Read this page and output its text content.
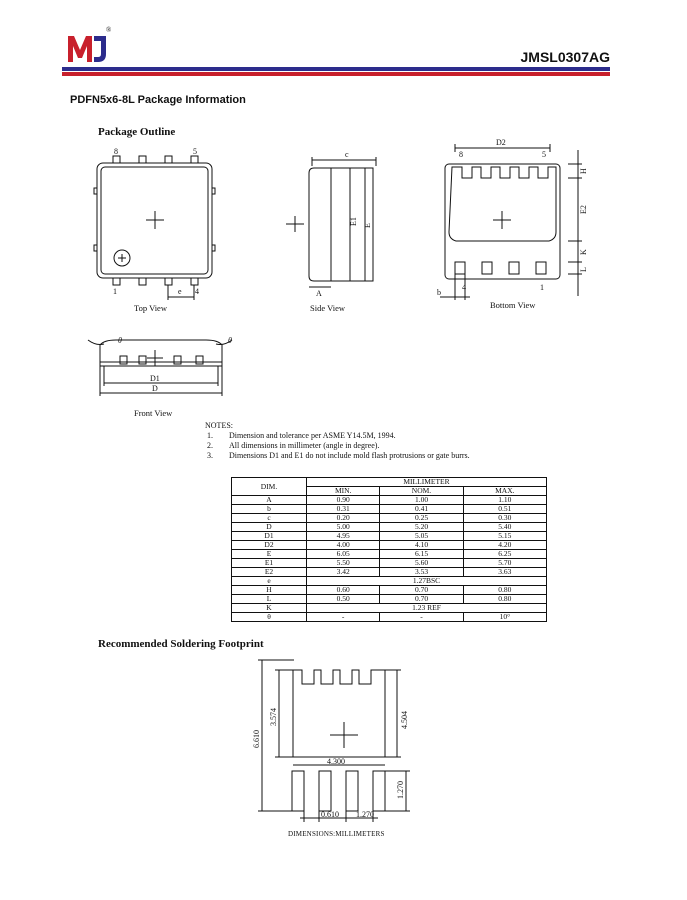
®
JMSL0307AG
PDFN5x6-8L Package Information
Package Outline
e
8	5
1	4
c
E1 E
A
D2
8	5
H
E2
K
L
b
4	1
D1
D
θ	θ
Top View	Side View	Bottom View
Front View
NOTES:
1.	Dimension and tolerance per ASME Y14.5M, 1994.
2.	All dimensions in millimeter (angle in degree).
3.	Dimensions D1 and E1 do not include mold flash protrusions or gate burrs.
DIM.	MILLIMETER		
	MIN.	NOM.	MAX.
A	0.90	1.00	1.10
b	0.31	0.41	0.51
c	0.20	0.25	0.30
D	5.00	5.20	5.40
D1	4.95	5.05	5.15
D2	4.00	4.10	4.20
E	6.05	6.15	6.25
E1	5.50	5.60	5.70
E2	3.42	3.53	3.63
e	1.27BSC		
H	0.60	0.70	0.80
L	0.50	0.70	0.80
K	1.23 REF		
θ	-	-	10°
Recommended Soldering Footprint
6.610
3.574	4.504
4.300
1.270
0.610 1.270
DIMENSIONS:MILLIMETERS
